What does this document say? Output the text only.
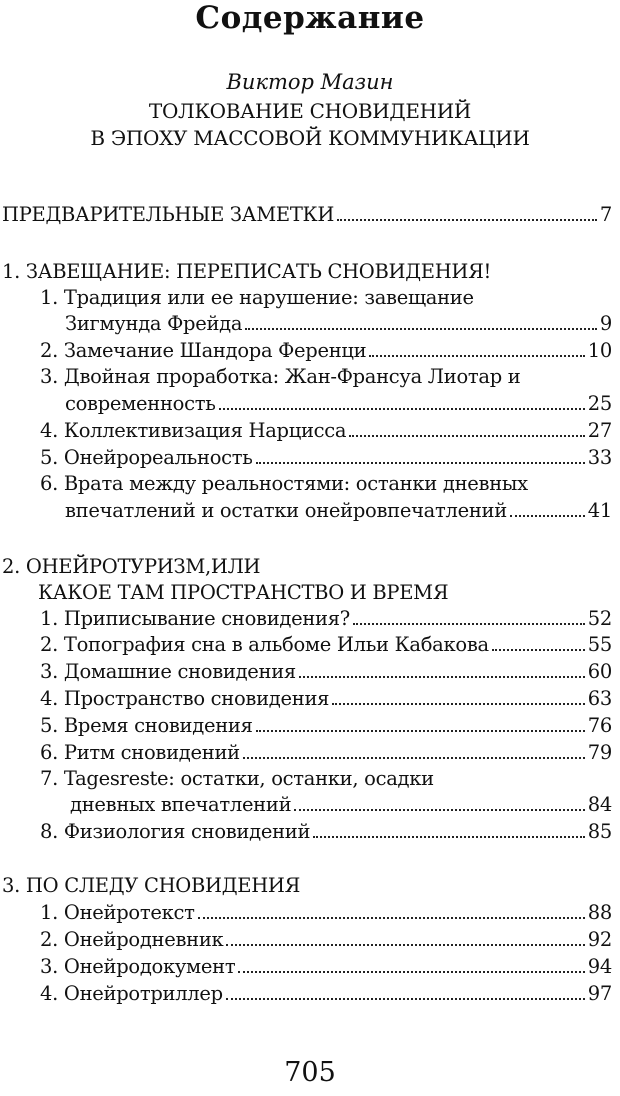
Содержание
Виктор Мазин
ТОЛКОВАНИЕ СНОВИДЕНИЙ
В ЭПОХУ МАССОВОЙ КОММУНИКАЦИИ
ПРЕДВАРИТЕЛЬНЫЕ ЗАМЕТКИ	7
1. ЗАВЕЩАНИЕ: ПЕРЕПИСАТЬ СНОВИДЕНИЯ!
1. Традиция или ее нарушение: завещание
Зигмунда Фрейда	9
2. Замечание Шандора Ференци	10
3. Двойная проработка: Жан-Франсуа Лиотар и
современность	25
4. Коллективизация Нарцисса	27
5. Онейрореальность	33
6. Врата между реальностями: останки дневных
впечатлений и остатки онейровпечатлений	41
2. ОНЕЙРОТУРИЗМ,ИЛИ
КАКОЕ ТАМ ПРОСТРАНСТВО И ВРЕМЯ
1. Приписывание сновидения?	52
2. Топография сна в альбоме Ильи Кабакова	55
3. Домашние сновидения	60
4. Пространство сновидения	63
5. Время сновидения	76
6. Ритм сновидений	79
7. Tagesreste: остатки, останки, осадки
дневных впечатлений	84
8. Физиология сновидений	85
3. ПО СЛЕДУ СНОВИДЕНИЯ
1. Онейротекст	88
2. Онейродневник	92
3. Онейродокумент	94
4. Онейротриллер	97
705
